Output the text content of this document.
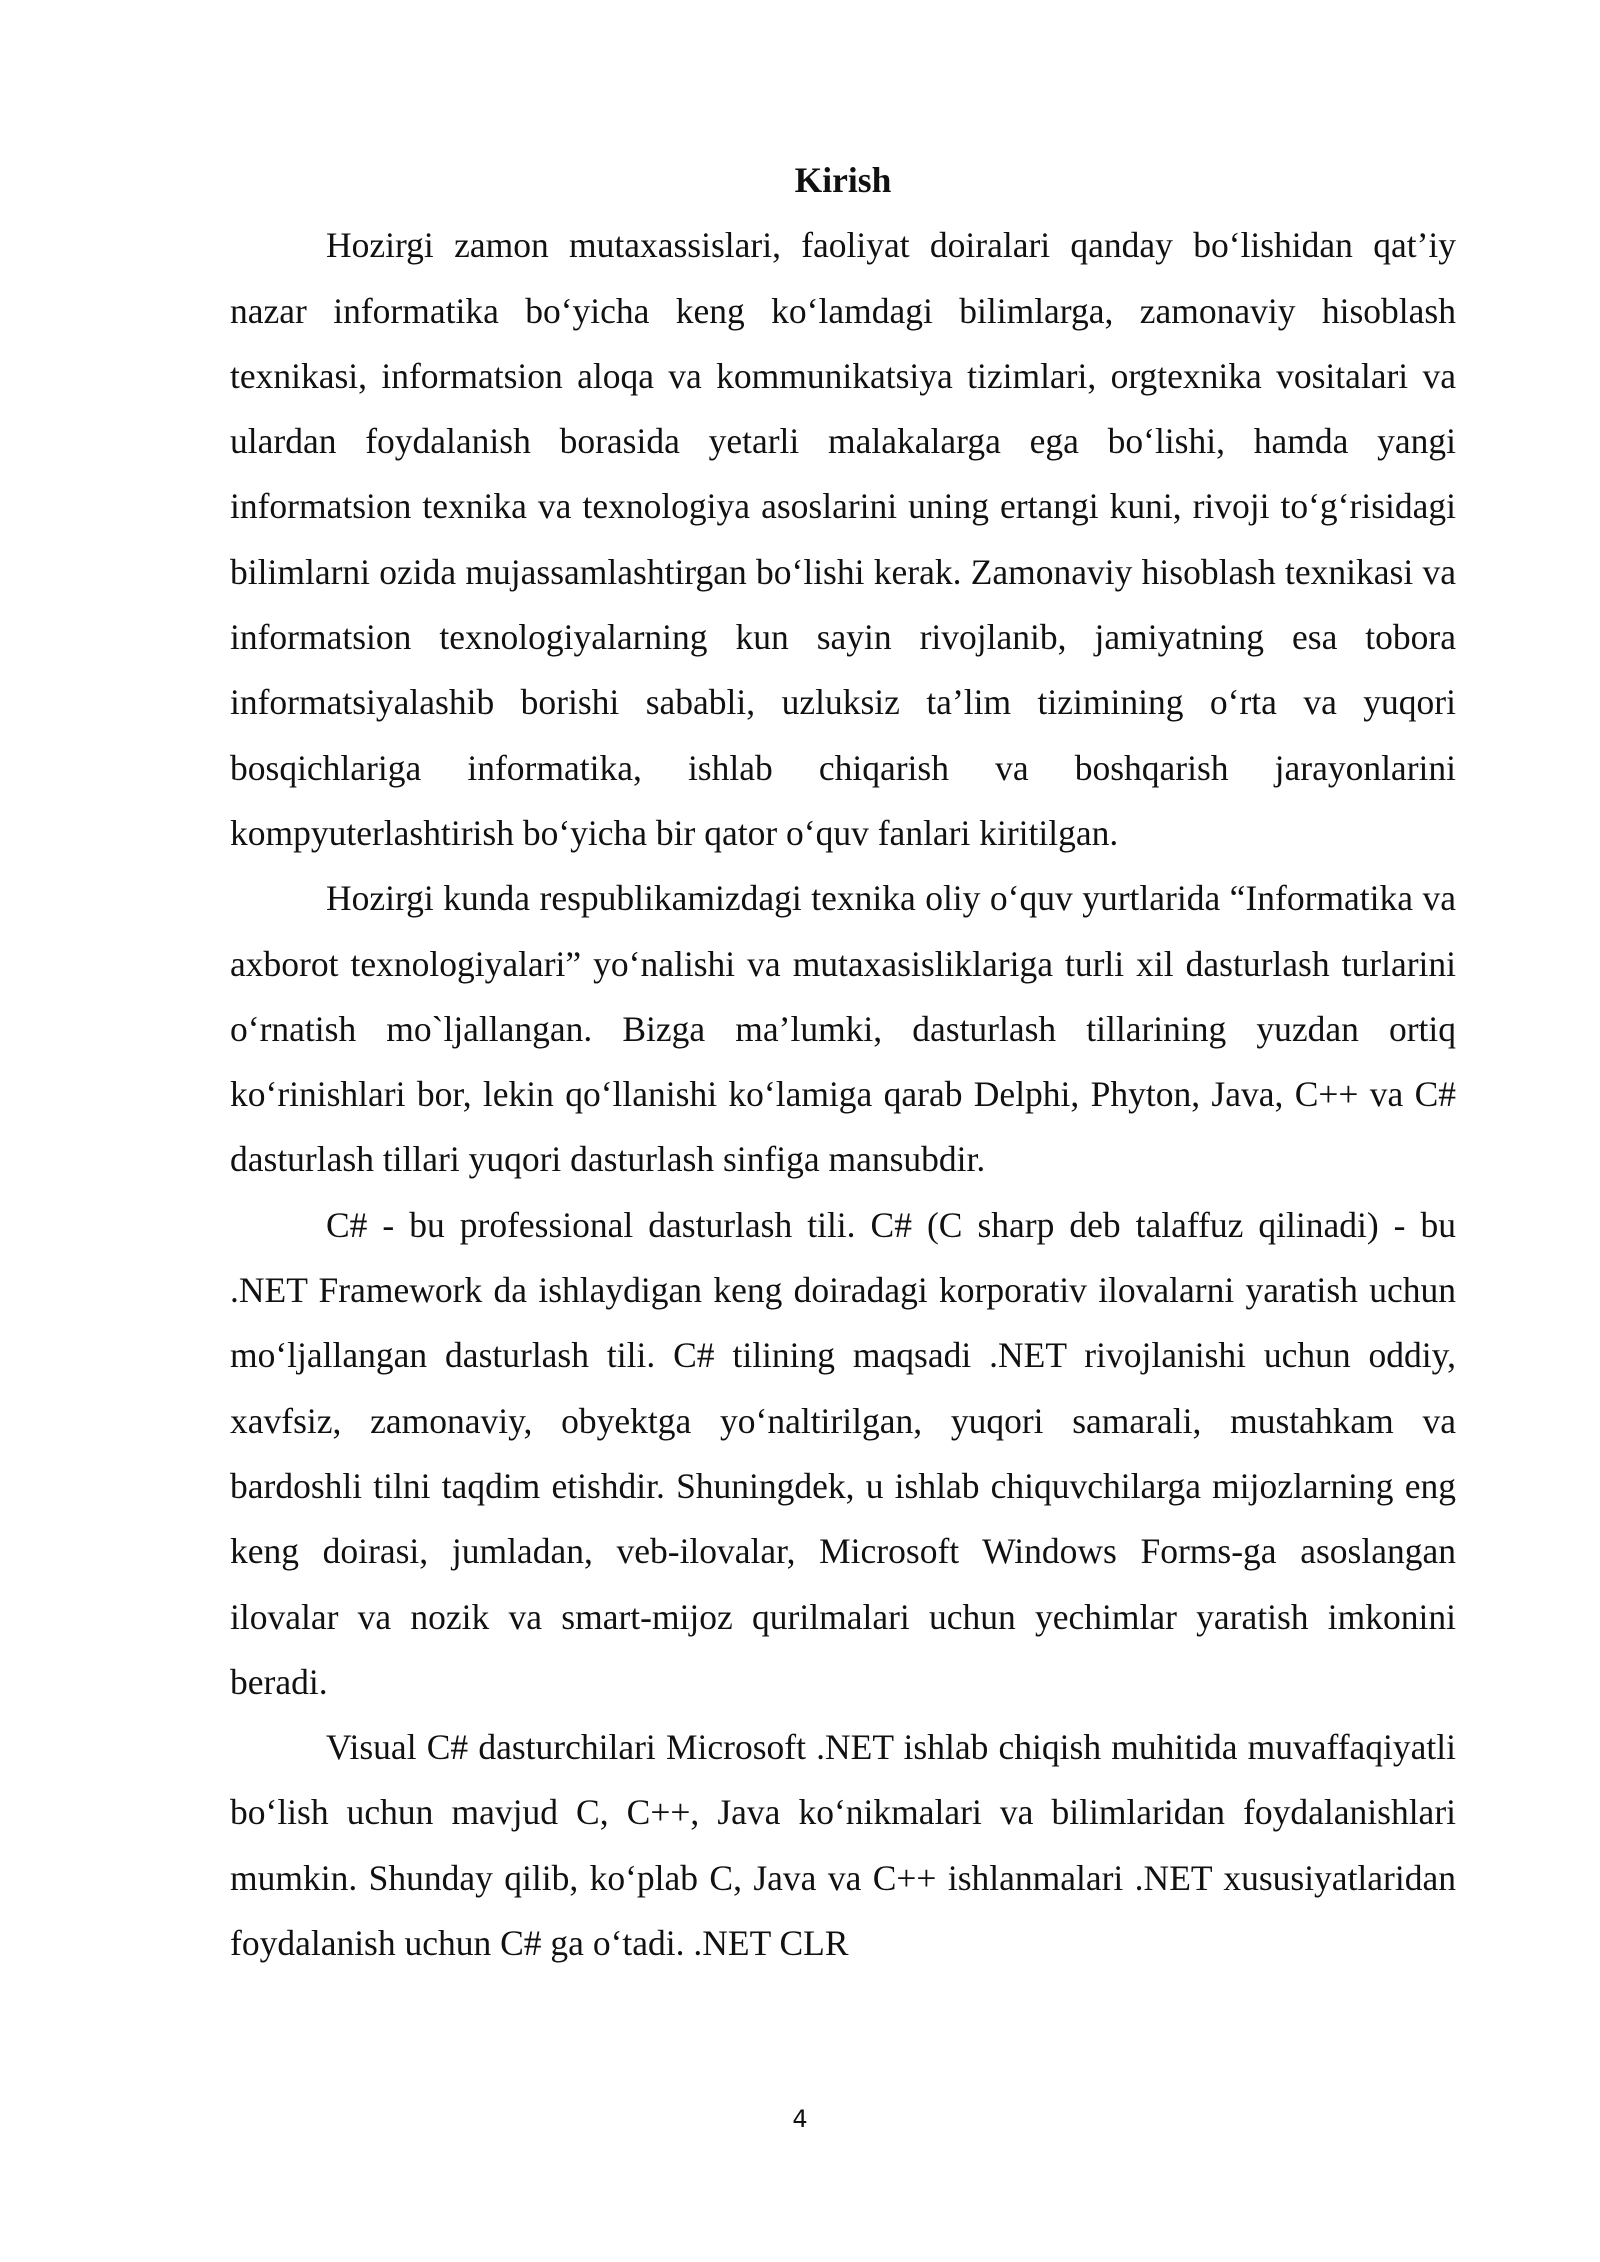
Kirish

Hozirgi zamon mutaxassislari, faoliyat doiralari qanday bo‘lishidan qat’iy nazar informatika bo‘yicha keng ko‘lamdagi bilimlarga, zamonaviy hisoblash texnikasi, informatsion aloqa va kommunikatsiya tizimlari, orgtexnika vositalari va ulardan foydalanish borasida yetarli malakalarga ega bo‘lishi, hamda yangi informatsion texnika va texnologiya asoslarini uning ertangi kuni, rivoji to‘g‘risidagi bilimlarni ozida mujassamlashtirgan bo‘lishi kerak. Zamonaviy hisoblash texnikasi va informatsion texnologiyalarning kun sayin rivojlanib, jamiyatning esa tobora informatsiyalashib borishi sababli, uzluksiz ta’lim tizimining o‘rta va yuqori bosqichlariga informatika, ishlab chiqarish va boshqarish jarayonlarini kompyuterlashtirish bo‘yicha bir qator o‘quv fanlari kiritilgan.

Hozirgi kunda respublikamizdagi texnika oliy o‘quv yurtlarida “Informatika va axborot texnologiyalari” yo‘nalishi va mutaxasisliklariga turli xil dasturlash turlarini o‘rnatish mo`ljallangan. Bizga ma’lumki, dasturlash tillarining yuzdan ortiq ko‘rinishlari bor, lekin qo‘llanishi ko‘lamiga qarab Delphi, Phyton, Java, C++ va C# dasturlash tillari yuqori dasturlash sinfiga mansubdir.

C# - bu professional dasturlash tili. C# (C sharp deb talaffuz qilinadi) - bu .NET Framework da ishlaydigan keng doiradagi korporativ ilovalarni yaratish uchun mo‘ljallangan dasturlash tili. C# tilining maqsadi .NET rivojlanishi uchun oddiy, xavfsiz, zamonaviy, obyektga yo‘naltirilgan, yuqori samarali, mustahkam va bardoshli tilni taqdim etishdir. Shuningdek, u ishlab chiquvchilarga mijozlarning eng keng doirasi, jumladan, veb-ilovalar, Microsoft Windows Forms-ga asoslangan ilovalar va nozik va smart-mijoz qurilmalari uchun yechimlar yaratish imkonini beradi.

Visual C# dasturchilari Microsoft .NET ishlab chiqish muhitida muvaffaqiyatli bo‘lish uchun mavjud C, C++, Java ko‘nikmalari va bilimlaridan foydalanishlari mumkin. Shunday qilib, ko‘plab C, Java va C++ ishlanmalari .NET xususiyatlaridan foydalanish uchun C# ga o‘tadi. .NET CLR

4
